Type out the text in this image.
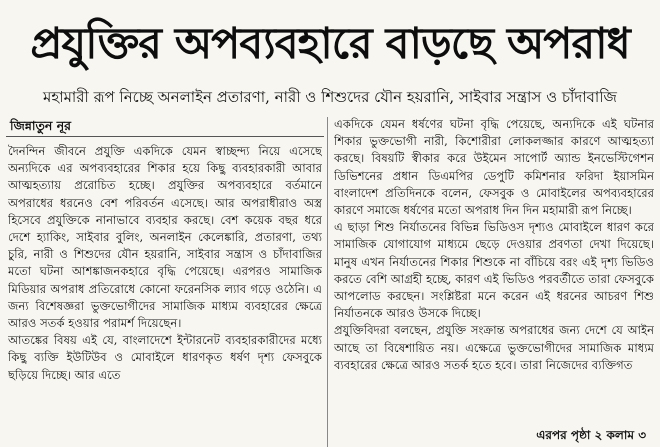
প্রযুক্তির অপব্যবহারে বাড়ছে অপরাধ
মহামারী রূপ নিচ্ছে অনলাইন প্রতারণা, নারী ও শিশুদের যৌন হয়রানি, সাইবার সন্ত্রাস ও চাঁদাবাজি
জিন্নাতুন নূর

দৈনন্দিন জীবনে প্রযুক্তি একদিকে যেমন স্বাচ্ছন্দ্য নিয়ে এসেছে অন্যদিকে এর অপব্যবহারের শিকার হয়ে কিছু ব্যবহারকারী আবার আত্মহত্যায় প্ররোচিত হচ্ছে। প্রযুক্তির অপব্যবহারে বর্তমানে অপরাধের ধরনেও বেশ পরিবর্তন এসেছে। আর অপরাধীরাও অস্ত্র হিসেবে প্রযুক্তিকে নানাভাবে ব্যবহার করছে। বেশ কয়েক বছর ধরে দেশে হ্যাকিং, সাইবার বুলিং, অনলাইন কেলেঙ্কারি, প্রতারণা, তথ্য চুরি, নারী ও শিশুদের যৌন হয়রানি, সাইবার সন্ত্রাস ও চাঁদাবাজির মতো ঘটনা আশঙ্কাজনকহারে বৃদ্ধি পেয়েছে। এরপরও সামাজিক মিডিয়ার অপরাধ প্রতিরোধে কোনো ফরেনসিক ল্যাব গড়ে ওঠেনি। এ জন্য বিশেষজ্ঞরা ভুক্তভোগীদের সামাজিক মাধ্যম ব্যবহারের ক্ষেত্রে আরও সতর্ক হওয়ার পরামর্শ দিয়েছেন।

আতঙ্কের বিষয় এই যে, বাংলাদেশে ইন্টারনেট ব্যবহারকারীদের মধ্যে কিছু ব্যক্তি ইউটিউব ও মোবাইলে ধারণকৃত ধর্ষণ দৃশ্য ফেসবুকে ছড়িয়ে দিচ্ছে। আর এতে

একদিকে যেমন ধর্ষণের ঘটনা বৃদ্ধি পেয়েছে, অন্যদিকে এই ঘটনার শিকার ভুক্তভোগী নারী, কিশোরীরা লোকলজ্জার কারণে আত্মহত্যা করছে। বিষয়টি স্বীকার করে উইমেন সাপোর্ট অ্যান্ড ইনভেস্টিগেশন ডিভিশনের প্রধান ডিএমপির ডেপুটি কমিশনার ফরিদা ইয়াসমিন বাংলাদেশ প্রতিদিনকে বলেন, ফেসবুক ও মোবাইলের অপব্যবহারের কারণে সমাজে ধর্ষণের মতো অপরাধ দিন দিন মহামারী রূপ নিচ্ছে।

এ ছাড়া শিশু নির্যাতনের বিভিন্ন ভিডিওস দৃশ্যও মোবাইলে ধারণ করে সামাজিক যোগাযোগ মাধ্যমে ছেড়ে দেওয়ার প্রবণতা দেখা দিয়েছে। মানুষ এখন নির্যাতনের শিকার শিশুকে না বাঁচিয়ে বরং এই দৃশ্য ভিডিও করতে বেশি আগ্রহী হচ্ছে, কারণ এই ভিডিও পরবর্তীতে তারা ফেসবুকে আপলোড করছেন। সংশ্লিষ্টরা মনে করেন এই ধরনের আচরণ শিশু নির্যাতনকে আরও উসকে দিচ্ছে।

প্রযুক্তিবিদরা বলছেন, প্রযুক্তি সংক্রান্ত অপরাধের জন্য দেশে যে আইন আছে তা বিষেশায়িত নয়। এক্ষেত্রে ভুক্তভোগীদের সামাজিক মাধ্যম ব্যবহারের ক্ষেত্রে আরও সতর্ক হতে হবে। তারা নিজেদের ব্যক্তিগত

এরপর পৃষ্ঠা ২ কলাম ৩
